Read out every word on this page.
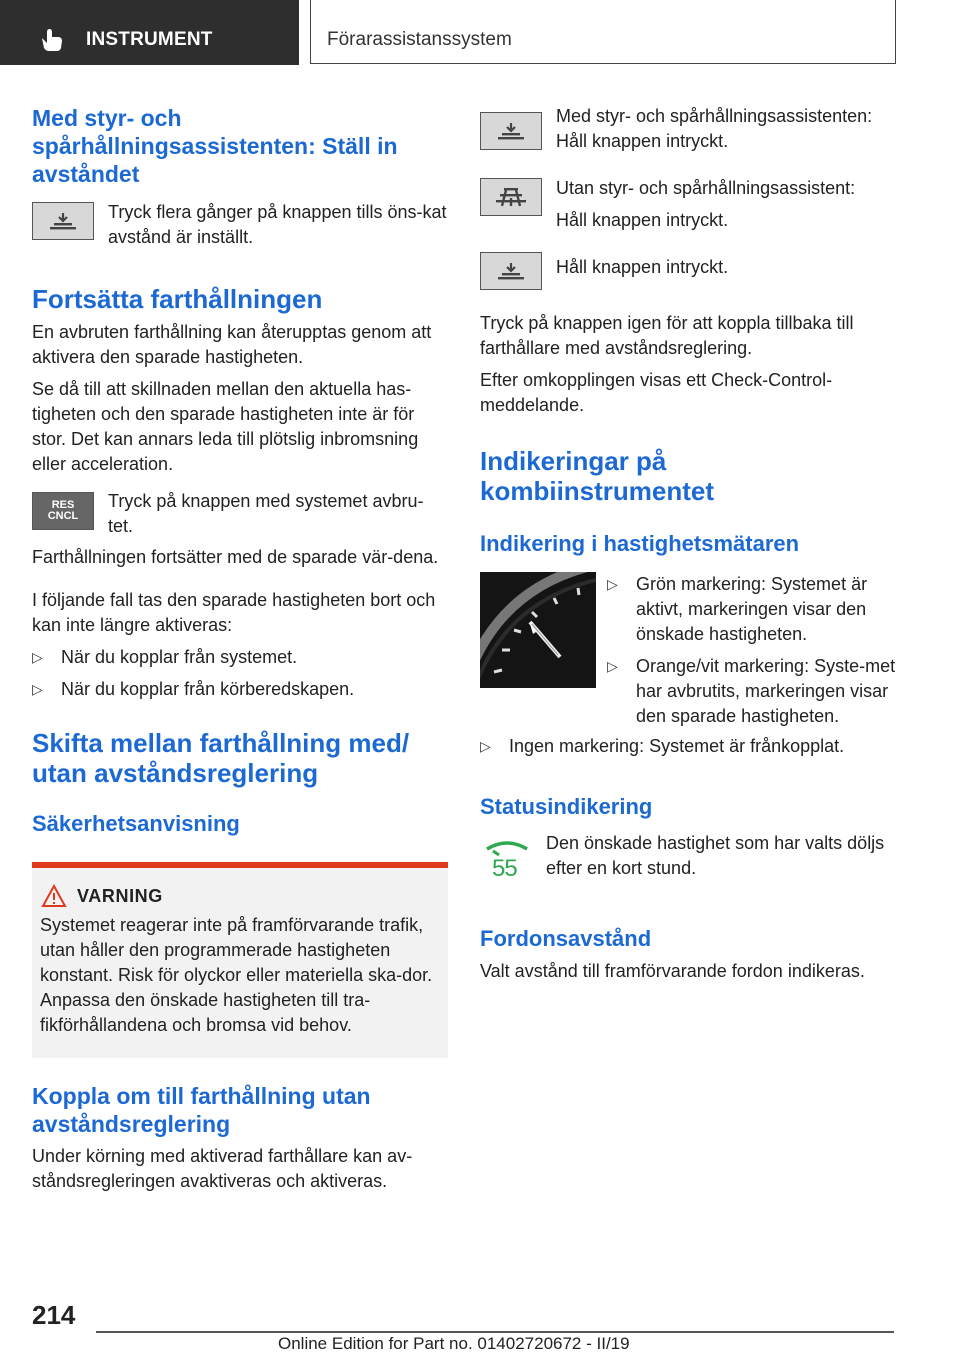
INSTRUMENT	Förarassistanssystem
Med styr- och spårhållningsassistenten: Ställ in avståndet

Tryck flera gånger på knappen tills öns-kat avstånd är inställt.

Fortsätta farthållningen

En avbruten farthållning kan återupptas genom att aktivera den sparade hastigheten.

Se då till att skillnaden mellan den aktuella has-tigheten och den sparade hastigheten inte är för stor. Det kan annars leda till plötslig inbromsning eller acceleration.

RES
CNCL

Tryck på knappen med systemet avbru-tet.

Farthållningen fortsätter med de sparade vär-dena.

I följande fall tas den sparade hastigheten bort och kan inte längre aktiveras:

▷ När du kopplar från systemet.
▷ När du kopplar från körberedskapen.
Skifta mellan farthållning med/ utan avståndsreglering
Säkerhetsanvisning
VARNING

Systemet reagerar inte på framförvarande trafik, utan håller den programmerade hastigheten konstant. Risk för olyckor eller materiella ska-dor. Anpassa den önskade hastigheten till tra-fikförhållandena och bromsa vid behov.

Koppla om till farthållning utan avståndsreglering

Under körning med aktiverad farthållare kan av-ståndsregleringen avaktiveras och aktiveras.

Med styr- och spårhållningsassistenten: Håll knappen intryckt.

Utan styr- och spårhållningsassistent:

Håll knappen intryckt.

Håll knappen intryckt.

Tryck på knappen igen för att koppla tillbaka till farthållare med avståndsreglering.

Efter omkopplingen visas ett Check-Control-meddelande.

Indikeringar på kombiinstrumentet
Indikering i hastighetsmätaren
▷ Grön markering: Systemet är aktivt, markeringen visar den önskade hastigheten.
▷ Orange/vit markering: Syste-met har avbrutits, markeringen visar den sparade hastigheten.
▷ Ingen markering: Systemet är frånkopplat.
Statusindikering
55

Den önskade hastighet som har valts döljs efter en kort stund.

Fordonsavstånd

Valt avstånd till framförvarande fordon indikeras.

214
Online Edition for Part no. 01402720672 - II/19
